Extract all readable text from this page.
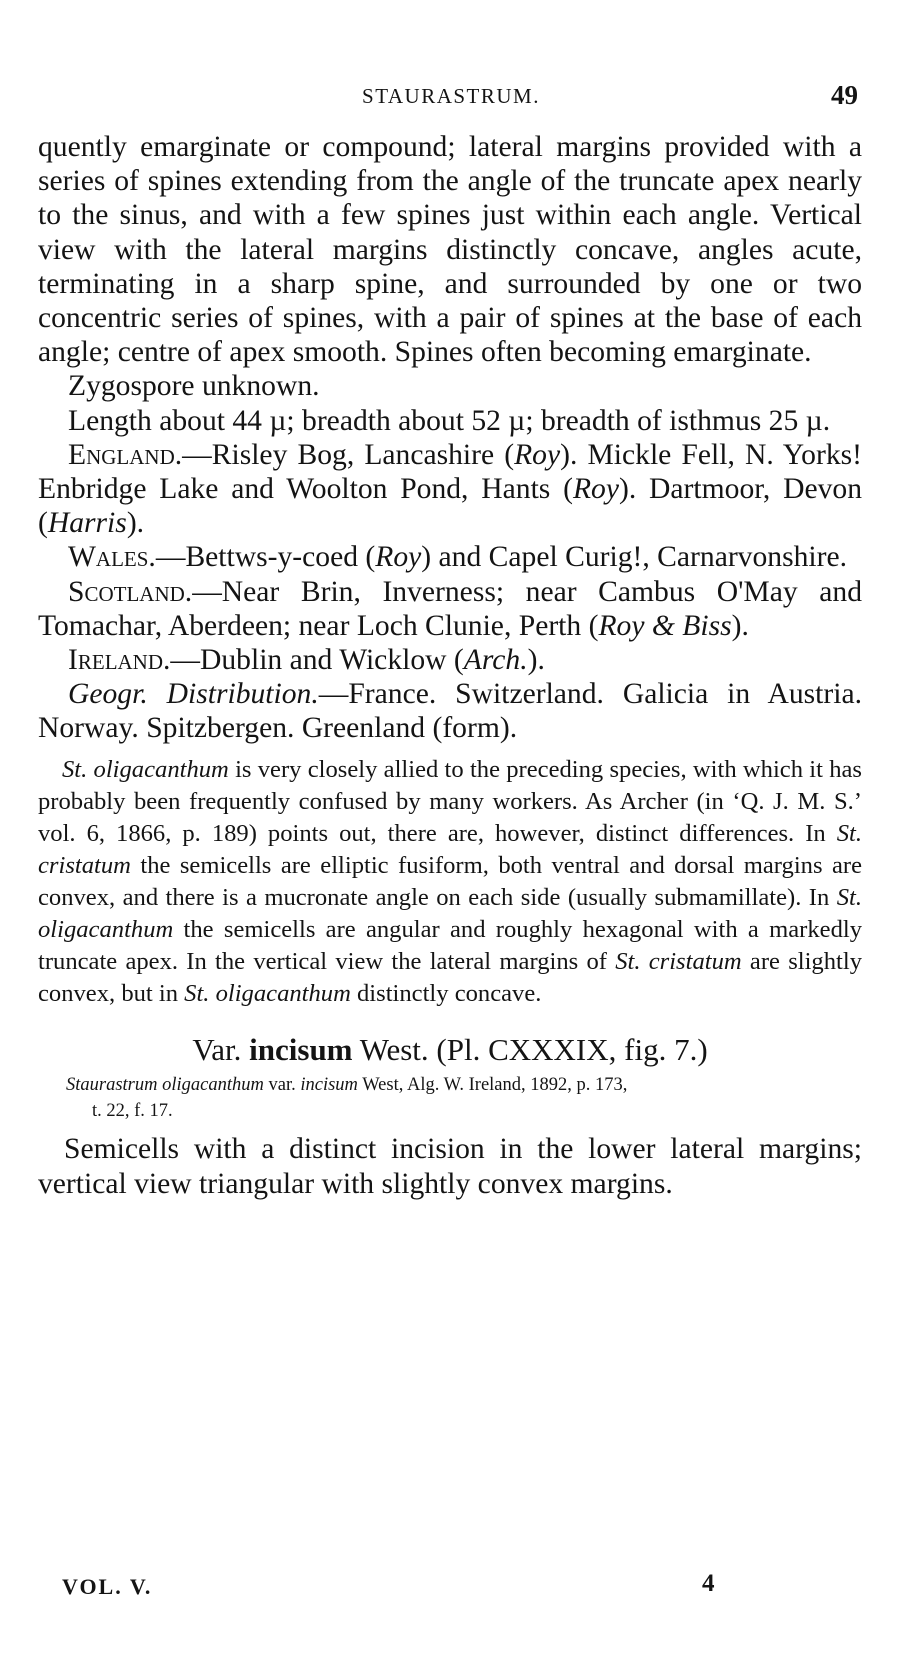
STAURASTRUM.	49

quently emarginate or compound; lateral margins provided with a series of spines extending from the angle of the truncate apex nearly to the sinus, and with a few spines just within each angle. Vertical view with the lateral margins distinctly concave, angles acute, terminating in a sharp spine, and surrounded by one or two concentric series of spines, with a pair of spines at the base of each angle; centre of apex smooth. Spines often becoming emarginate.

Zygospore unknown.

Length about 44 µ; breadth about 52 µ; breadth of isthmus 25 µ.

England.—Risley Bog, Lancashire (Roy). Mickle Fell, N. Yorks! Enbridge Lake and Woolton Pond, Hants (Roy). Dartmoor, Devon (Harris).

Wales.—Bettws-y-coed (Roy) and Capel Curig!, Carnarvonshire.

Scotland.—Near Brin, Inverness; near Cambus O'May and Tomachar, Aberdeen; near Loch Clunie, Perth (Roy & Biss).

Ireland.—Dublin and Wicklow (Arch.).

Geogr. Distribution.—France. Switzerland. Galicia in Austria. Norway. Spitzbergen. Greenland (form).

St. oligacanthum is very closely allied to the preceding species, with which it has probably been frequently confused by many workers. As Archer (in ‘Q. J. M. S.’ vol. 6, 1866, p. 189) points out, there are, however, distinct differences. In St. cristatum the semicells are elliptic fusiform, both ventral and dorsal margins are convex, and there is a mucronate angle on each side (usually submamillate). In St. oligacanthum the semicells are angular and roughly hexagonal with a markedly truncate apex. In the vertical view the lateral margins of St. cristatum are slightly convex, but in St. oligacanthum distinctly concave.

Var. incisum West. (Pl. CXXXIX, fig. 7.)
Staurastrum oligacanthum var. incisum West, Alg. W. Ireland, 1892, p. 173,
t. 22, f. 17.

Semicells with a distinct incision in the lower lateral margins; vertical view triangular with slightly convex margins.

VOL. V.	4
